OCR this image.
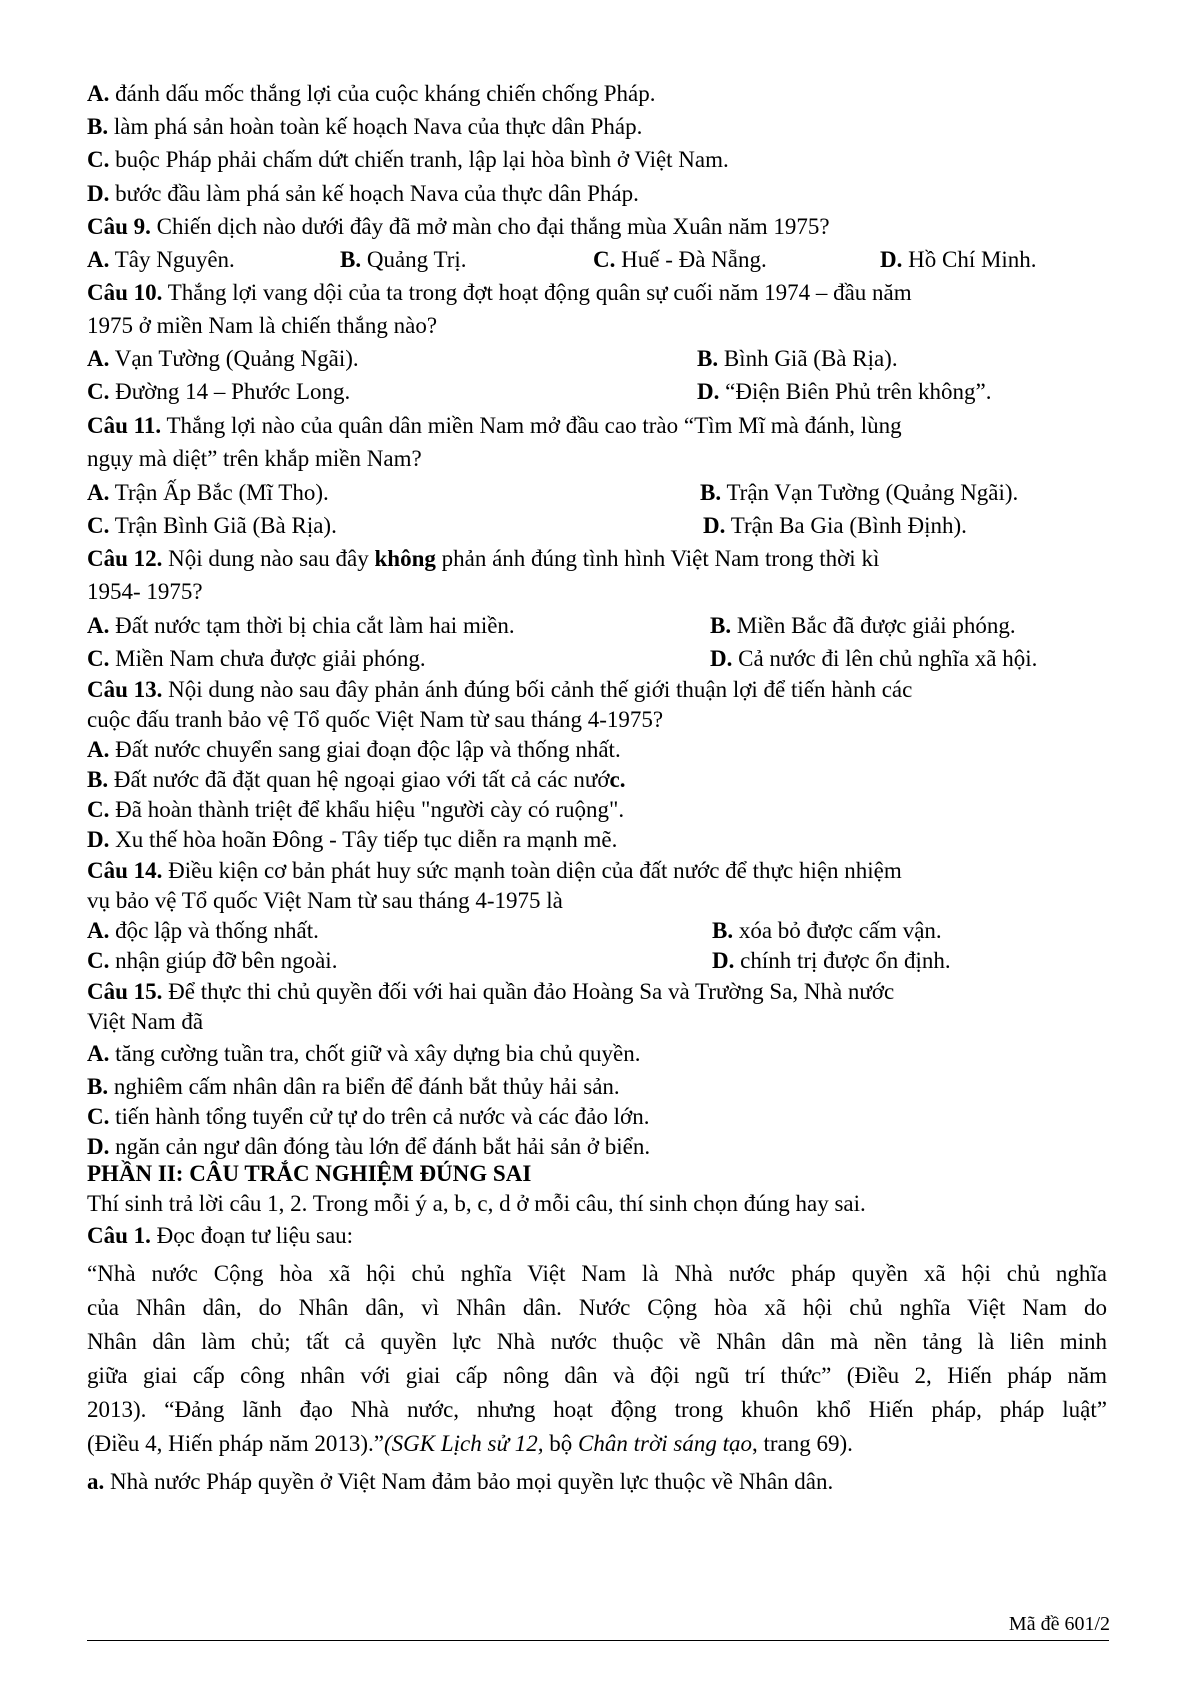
A. đánh dấu mốc thắng lợi của cuộc kháng chiến chống Pháp.
B. làm phá sản hoàn toàn kế hoạch Nava của thực dân Pháp.
C. buộc Pháp phải chấm dứt chiến tranh, lập lại hòa bình ở Việt Nam.
D. bước đầu làm phá sản kế hoạch Nava của thực dân Pháp.
Câu 9. Chiến dịch nào dưới đây đã mở màn cho đại thắng mùa Xuân năm 1975?
A. Tây Nguyên.	B. Quảng Trị.	C. Huế - Đà Nẵng.	D. Hồ Chí Minh.
Câu 10. Thắng lợi vang dội của ta trong đợt hoạt động quân sự cuối năm 1974 – đầu năm
1975 ở miền Nam là chiến thắng nào?
A. Vạn Tường (Quảng Ngãi).	B. Bình Giã (Bà Rịa).
C. Đường 14 – Phước Long.	D. “Điện Biên Phủ trên không”.
Câu 11. Thắng lợi nào của quân dân miền Nam mở đầu cao trào “Tìm Mĩ mà đánh, lùng
ngụy mà diệt” trên khắp miền Nam?
A. Trận Ấp Bắc (Mĩ Tho).	B. Trận Vạn Tường (Quảng Ngãi).
C. Trận Bình Giã (Bà Rịa).	D. Trận Ba Gia (Bình Định).
Câu 12. Nội dung nào sau đây không phản ánh đúng tình hình Việt Nam trong thời kì
1954- 1975?
A. Đất nước tạm thời bị chia cắt làm hai miền.	B. Miền Bắc đã được giải phóng.
C. Miền Nam chưa được giải phóng.	D. Cả nước đi lên chủ nghĩa xã hội.
Câu 13. Nội dung nào sau đây phản ánh đúng bối cảnh thế giới thuận lợi để tiến hành các
cuộc đấu tranh bảo vệ Tổ quốc Việt Nam từ sau tháng 4-1975?
A. Đất nước chuyển sang giai đoạn độc lập và thống nhất.
B. Đất nước đã đặt quan hệ ngoại giao với tất cả các nước.
C. Đã hoàn thành triệt để khẩu hiệu "người cày có ruộng".
D. Xu thế hòa hoãn Đông - Tây tiếp tục diễn ra mạnh mẽ.
Câu 14. Điều kiện cơ bản phát huy sức mạnh toàn diện của đất nước để thực hiện nhiệm
vụ bảo vệ Tổ quốc Việt Nam từ sau tháng 4-1975 là
A. độc lập và thống nhất.	B. xóa bỏ được cấm vận.
C. nhận giúp đỡ bên ngoài.	D. chính trị được ổn định.
Câu 15. Để thực thi chủ quyền đối với hai quần đảo Hoàng Sa và Trường Sa, Nhà nước
Việt Nam đã
A. tăng cường tuần tra, chốt giữ và xây dựng bia chủ quyền.
B. nghiêm cấm nhân dân ra biển để đánh bắt thủy hải sản.
C. tiến hành tổng tuyển cử tự do trên cả nước và các đảo lớn.
D. ngăn cản ngư dân đóng tàu lớn để đánh bắt hải sản ở biển.
PHẦN II: CÂU TRẮC NGHIỆM ĐÚNG SAI
Thí sinh trả lời câu 1, 2. Trong mỗi ý a, b, c, d ở mỗi câu, thí sinh chọn đúng hay sai.
Câu 1. Đọc đoạn tư liệu sau:
“Nhà nước Cộng hòa xã hội chủ nghĩa Việt Nam là Nhà nước pháp quyền xã hội chủ nghĩa
của Nhân dân, do Nhân dân, vì Nhân dân. Nước Cộng hòa xã hội chủ nghĩa Việt Nam do
Nhân dân làm chủ; tất cả quyền lực Nhà nước thuộc về Nhân dân mà nền tảng là liên minh
giữa giai cấp công nhân với giai cấp nông dân và đội ngũ trí thức” (Điều 2, Hiến pháp năm
2013). “Đảng lãnh đạo Nhà nước, nhưng hoạt động trong khuôn khổ Hiến pháp, pháp luật”
(Điều 4, Hiến pháp năm 2013).”(SGK Lịch sử 12, bộ Chân trời sáng tạo, trang 69).
a. Nhà nước Pháp quyền ở Việt Nam đảm bảo mọi quyền lực thuộc về Nhân dân.
Mã đề 601/2
